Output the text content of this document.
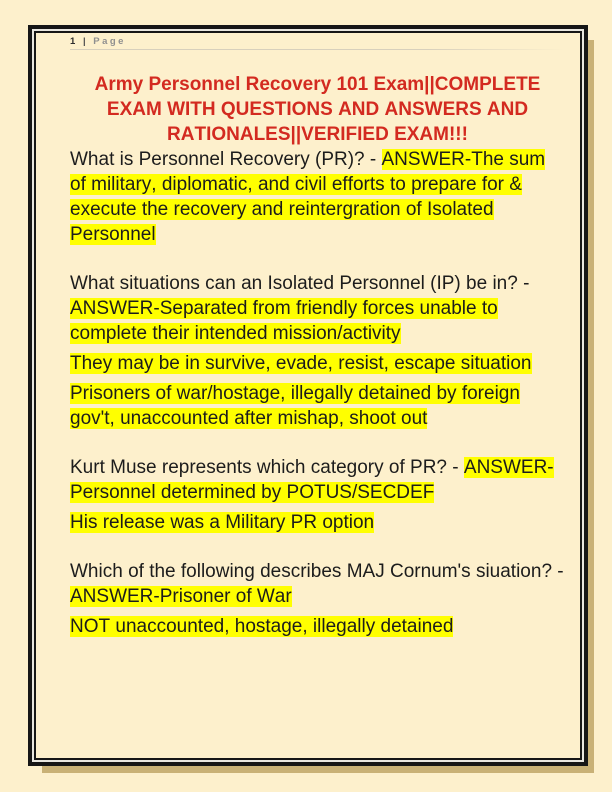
1 | Page
Army Personnel Recovery 101 Exam||COMPLETE EXAM WITH QUESTIONS AND ANSWERS AND RATIONALES||VERIFIED EXAM!!!

What is Personnel Recovery (PR)? - ANSWER-The sum of military, diplomatic, and civil efforts to prepare for & execute the recovery and reintergration of Isolated Personnel

What situations can an Isolated Personnel (IP) be in? - ANSWER-Separated from friendly forces unable to complete their intended mission/activity

They may be in survive, evade, resist, escape situation

Prisoners of war/hostage, illegally detained by foreign gov't, unaccounted after mishap, shoot out

Kurt Muse represents which category of PR? - ANSWER-Personnel determined by POTUS/SECDEF

His release was a Military PR option

Which of the following describes MAJ Cornum's siuation? - ANSWER-Prisoner of War

NOT unaccounted, hostage, illegally detained
